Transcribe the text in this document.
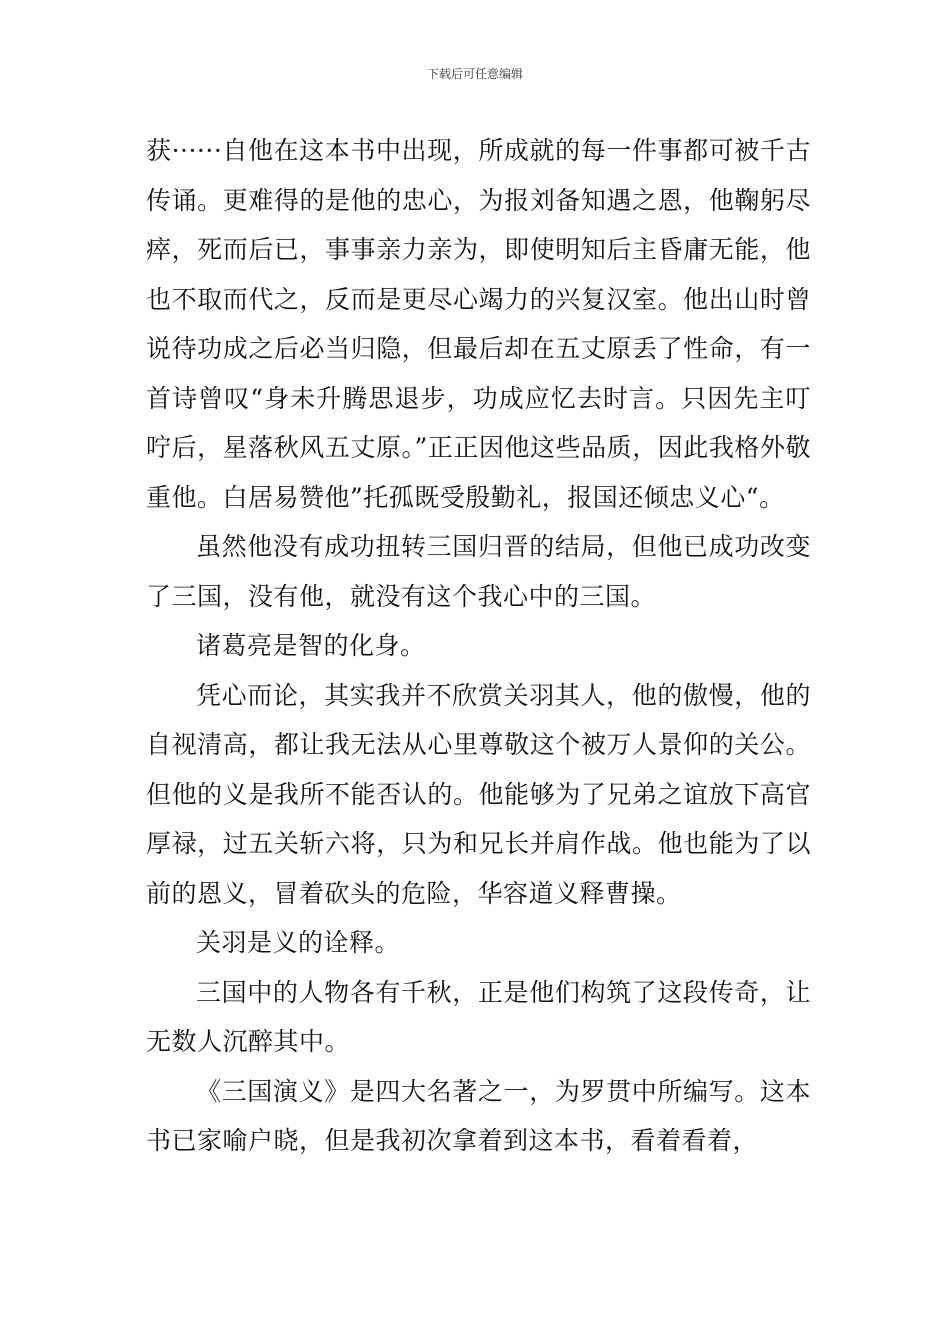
下载后可任意编辑

获······自他在这本书中出现，所成就的每一件事都可被千古传诵。更难得的是他的忠心，为报刘备知遇之恩，他鞠躬尽瘁，死而后已，事事亲力亲为，即使明知后主昏庸无能，他也不取而代之，反而是更尽心竭力的兴复汉室。他出山时曾说待功成之后必当归隐，但最后却在五丈原丢了性命，有一首诗曾叹“身未升腾思退步，功成应忆去时言。只因先主叮咛后，星落秋风五丈原。”正正因他这些品质，因此我格外敬重他。白居易赞他”托孤既受殷勤礼，报国还倾忠义心“。

虽然他没有成功扭转三国归晋的结局，但他已成功改变了三国，没有他，就没有这个我心中的三国。

诸葛亮是智的化身。

凭心而论，其实我并不欣赏关羽其人，他的傲慢，他的自视清高，都让我无法从心里尊敬这个被万人景仰的关公。但他的义是我所不能否认的。他能够为了兄弟之谊放下高官厚禄，过五关斩六将，只为和兄长并肩作战。他也能为了以前的恩义，冒着砍头的危险，华容道义释曹操。

关羽是义的诠释。

三国中的人物各有千秋，正是他们构筑了这段传奇，让无数人沉醉其中。

《三国演义》是四大名著之一，为罗贯中所编写。这本书已家喻户晓，但是我初次拿着到这本书，看着看着，
